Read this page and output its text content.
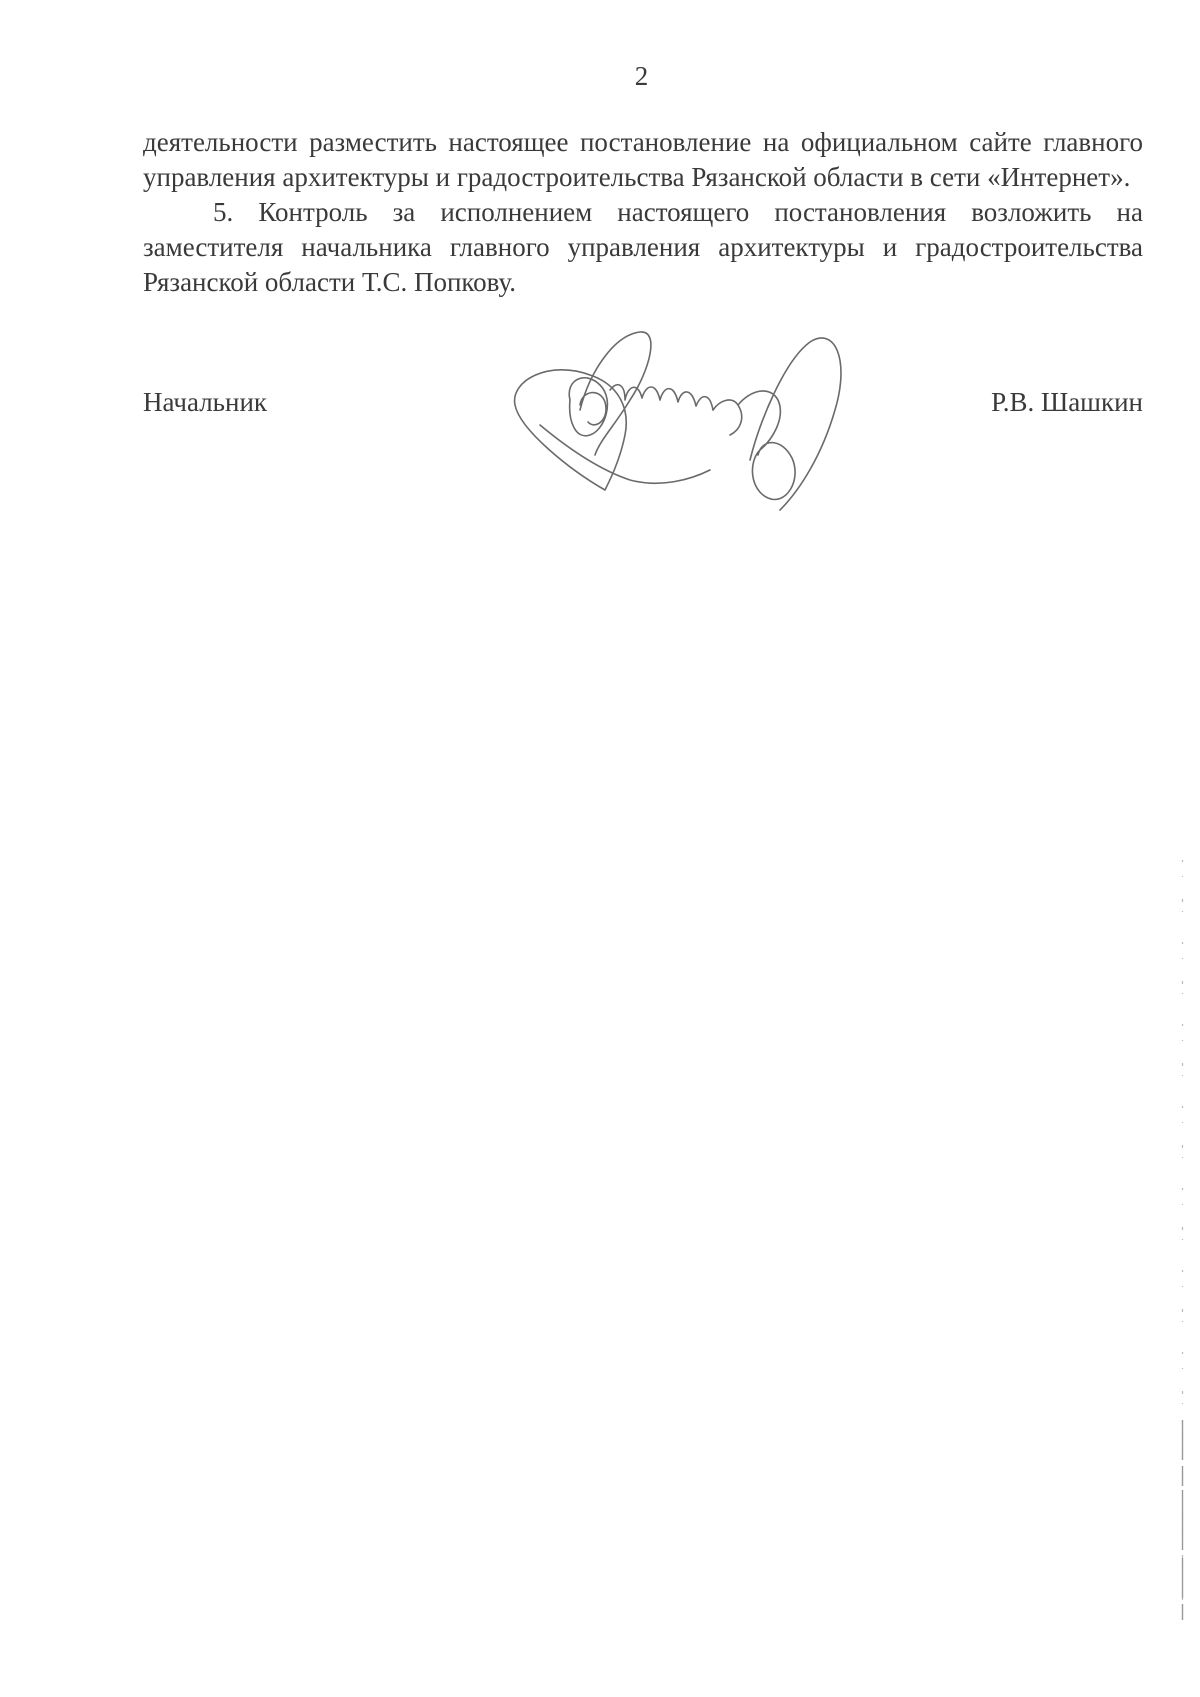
2

деятельности разместить настоящее постановление на официальном сайте главного управления архитектуры и градостроительства Рязанской области в сети «Интернет».

5. Контроль за исполнением настоящего постановления возложить на заместителя начальника главного управления архитектуры и градостроительства Рязанской области Т.С. Попкову.

Начальник	Р.В. Шашкин
